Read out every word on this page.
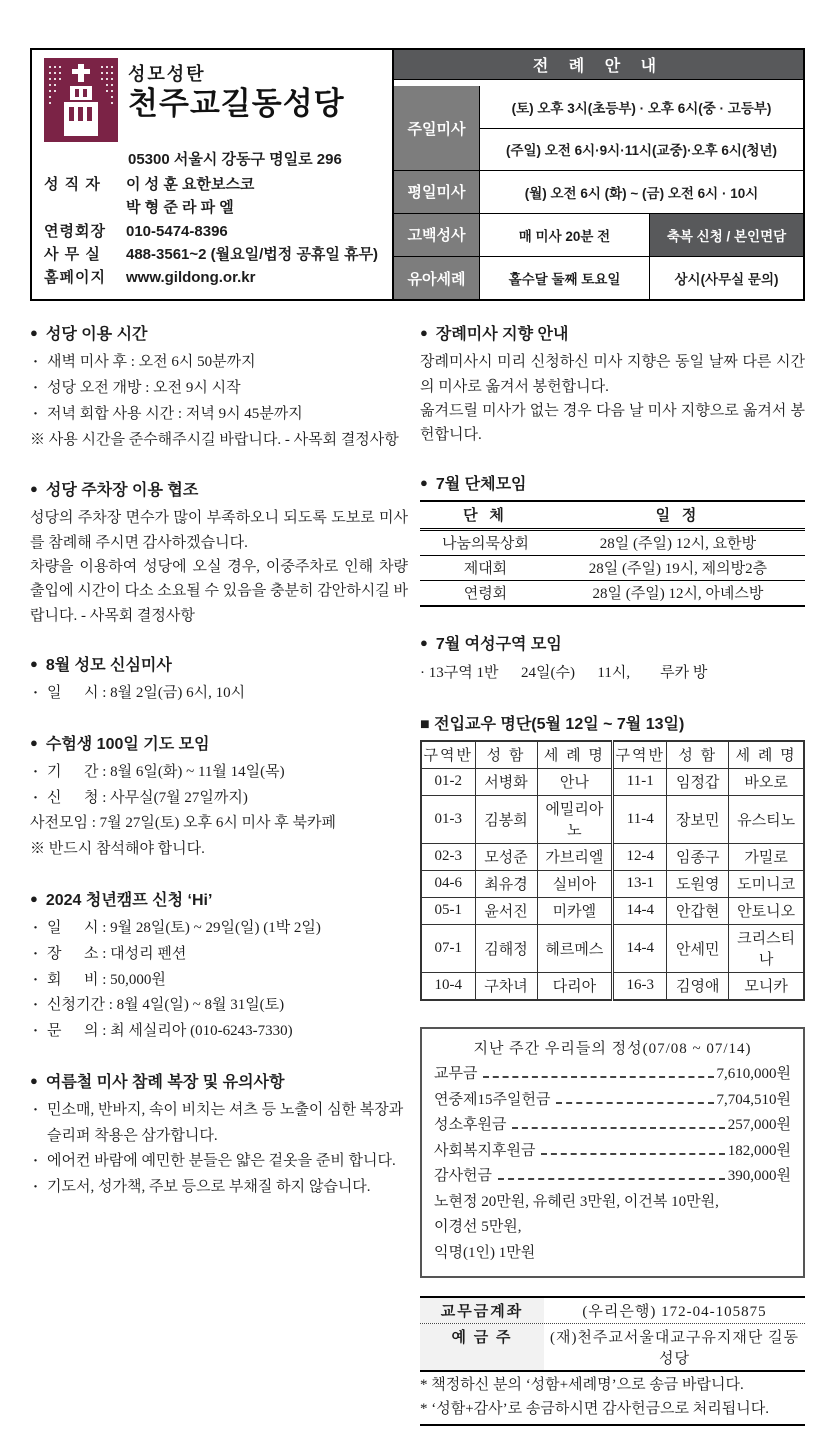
성모성탄
천주교길동성당
05300 서울시 강동구 명일로 296
성 직 자	이 성 훈 요한보스코
박 형 준 라 파 엘
연령회장	010-5474-8396
사 무 실	488-3561~2 (월요일/법정 공휴일 휴무)
홈페이지	www.gildong.or.kr
전 례 안 내
주일미사
(토) 오후 3시(초등부) · 오후 6시(중 · 고등부)
(주일) 오전 6시·9시·11시(교중)·오후 6시(청년)
평일미사	(월) 오전 6시 (화) ~ (금) 오전 6시 · 10시
고백성사	매 미사 20분 전	축복 신청 / 본인면담
유아세례	홀수달 둘째 토요일	상시(사무실 문의)
● 성당 이용 시간
· 새벽 미사 후 : 오전 6시 50분까지
· 성당 오전 개방 : 오전 9시 시작
· 저녁 회합 사용 시간 : 저녁 9시 45분까지
※ 사용 시간을 준수해주시길 바랍니다. - 사목회 결정사항
● 성당 주차장 이용 협조

성당의 주차장 면수가 많이 부족하오니 되도록 도보로 미사를 참례해 주시면 감사하겠습니다.

차량을 이용하여 성당에 오실 경우, 이중주차로 인해 차량 출입에 시간이 다소 소요될 수 있음을 충분히 감안하시길 바랍니다. - 사목회 결정사항

● 8월 성모 신심미사
· 일      시 : 8월 2일(금) 6시, 10시
● 수험생 100일 기도 모임
· 기      간 : 8월 6일(화) ~ 11월 14일(목)
· 신      청 : 사무실(7월 27일까지)
사전모임 : 7월 27일(토) 오후 6시 미사 후 북카페
※ 반드시 참석해야 합니다.
● 2024 청년캠프 신청 ‘Hi’
· 일      시 : 9월 28일(토) ~ 29일(일) (1박 2일)
· 장      소 : 대성리 펜션
· 회      비 : 50,000원
· 신청기간 : 8월 4일(일) ~ 8월 31일(토)
· 문      의 : 최 세실리아 (010-6243-7330)
● 여름철 미사 참례 복장 및 유의사항
· 민소매, 반바지, 속이 비치는 셔츠 등 노출이 심한 복장과 슬리퍼 착용은 삼가합니다.
· 에어컨 바람에 예민한 분들은 얇은 겉옷을 준비 합니다.
· 기도서, 성가책, 주보 등으로 부채질 하지 않습니다.
● 장례미사 지향 안내

장례미사시 미리 신청하신 미사 지향은 동일 날짜 다른 시간의 미사로 옮겨서 봉헌합니다.

옮겨드릴 미사가 없는 경우 다음 날 미사 지향으로 옮겨서 봉헌합니다.

● 7월 단체모임
단 체	일 정
나눔의묵상회	28일 (주일) 12시, 요한방
제대회	28일 (주일) 19시, 제의방2층
연령회	28일 (주일) 12시, 아녜스방
● 7월 여성구역 모임
· 13구역 1반      24일(수)      11시,        루카 방
■ 전입교우 명단(5월 12일 ~ 7월 13일)
구역반	성 함	세 례 명	구역반	성 함	세 례 명
01-2	서병화	안나	11-1	임정갑	바오로
01-3	김봉희	에밀리아노	11-4	장보민	유스티노
02-3	모성준	가브리엘	12-4	임종구	가밀로
04-6	최유경	실비아	13-1	도원영	도미니코
05-1	윤서진	미카엘	14-4	안갑현	안토니오
07-1	김해정	헤르메스	14-4	안세민	크리스티나
10-4	구차녀	다리아	16-3	김영애	모니카
지난 주간 우리들의 정성(07/08 ~ 07/14)
교무금	7,610,000원
연중제15주일헌금	7,704,510원
성소후원금	257,000원
사회복지후원금	182,000원
감사헌금	390,000원
노현정 20만원, 유헤린 3만원, 이건복 10만원,
이경선 5만원,
익명(1인) 1만원
교무금계좌	(우리은행) 172-04-105875
예 금 주	(재)천주교서울대교구유지재단 길동성당
* 책정하신 분의 ‘성함+세례명’으로 송금 바랍니다.
* ‘성함+감사’로 송금하시면 감사헌금으로 처리됩니다.
